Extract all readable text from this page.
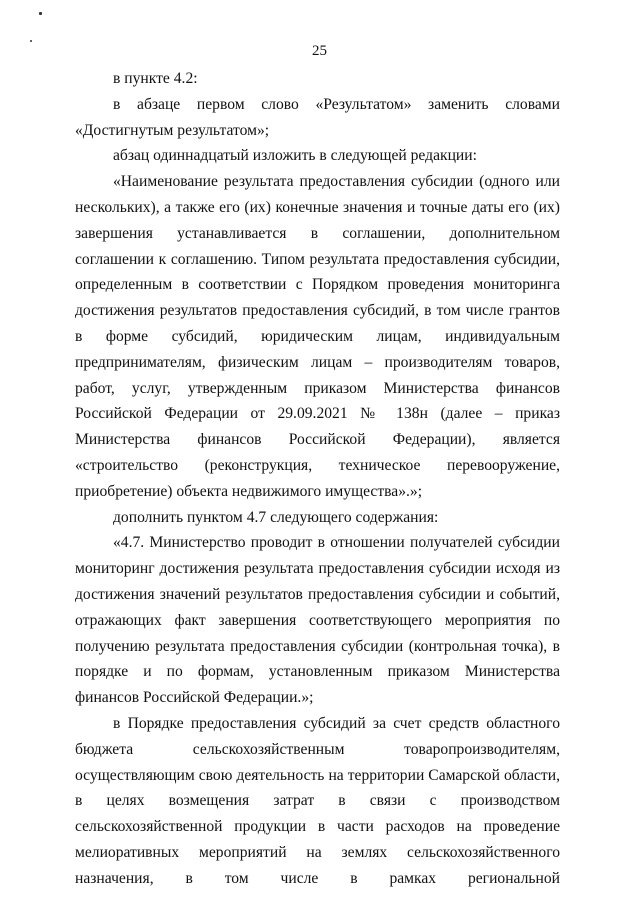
25

в пункте 4.2:

в абзаце первом слово «Результатом» заменить словами «Достигнутым результатом»;

абзац одиннадцатый изложить в следующей редакции:

«Наименование результата предоставления субсидии (одного или нескольких), а также его (их) конечные значения и точные даты его (их) завершения устанавливается в соглашении, дополнительном соглашении к соглашению. Типом результата предоставления субсидии, определенным в соответствии с Порядком проведения мониторинга достижения результатов предоставления субсидий, в том числе грантов в форме субсидий, юридическим лицам, индивидуальным предпринимателям, физическим лицам – производителям товаров, работ, услуг, утвержденным приказом Министерства финансов Российской Федерации от 29.09.2021 № 138н (далее – приказ Министерства финансов Российской Федерации), является «строительство (реконструкция, техническое перевооружение, приобретение) объекта недвижимого имущества».»;

дополнить пунктом 4.7 следующего содержания:

«4.7. Министерство проводит в отношении получателей субсидии мониторинг достижения результата предоставления субсидии исходя из достижения значений результатов предоставления субсидии и событий, отражающих факт завершения соответствующего мероприятия по получению результата предоставления субсидии (контрольная точка), в порядке и по формам, установленным приказом Министерства финансов Российской Федерации.»;

в Порядке предоставления субсидий за счет средств областного бюджета сельскохозяйственным товаропроизводителям, осуществляющим свою деятельность на территории Самарской области, в целях возмещения затрат в связи с производством сельскохозяйственной продукции в части расходов на проведение мелиоративных мероприятий на землях сельскохозяйственного назначения, в том числе в рамках региональной
